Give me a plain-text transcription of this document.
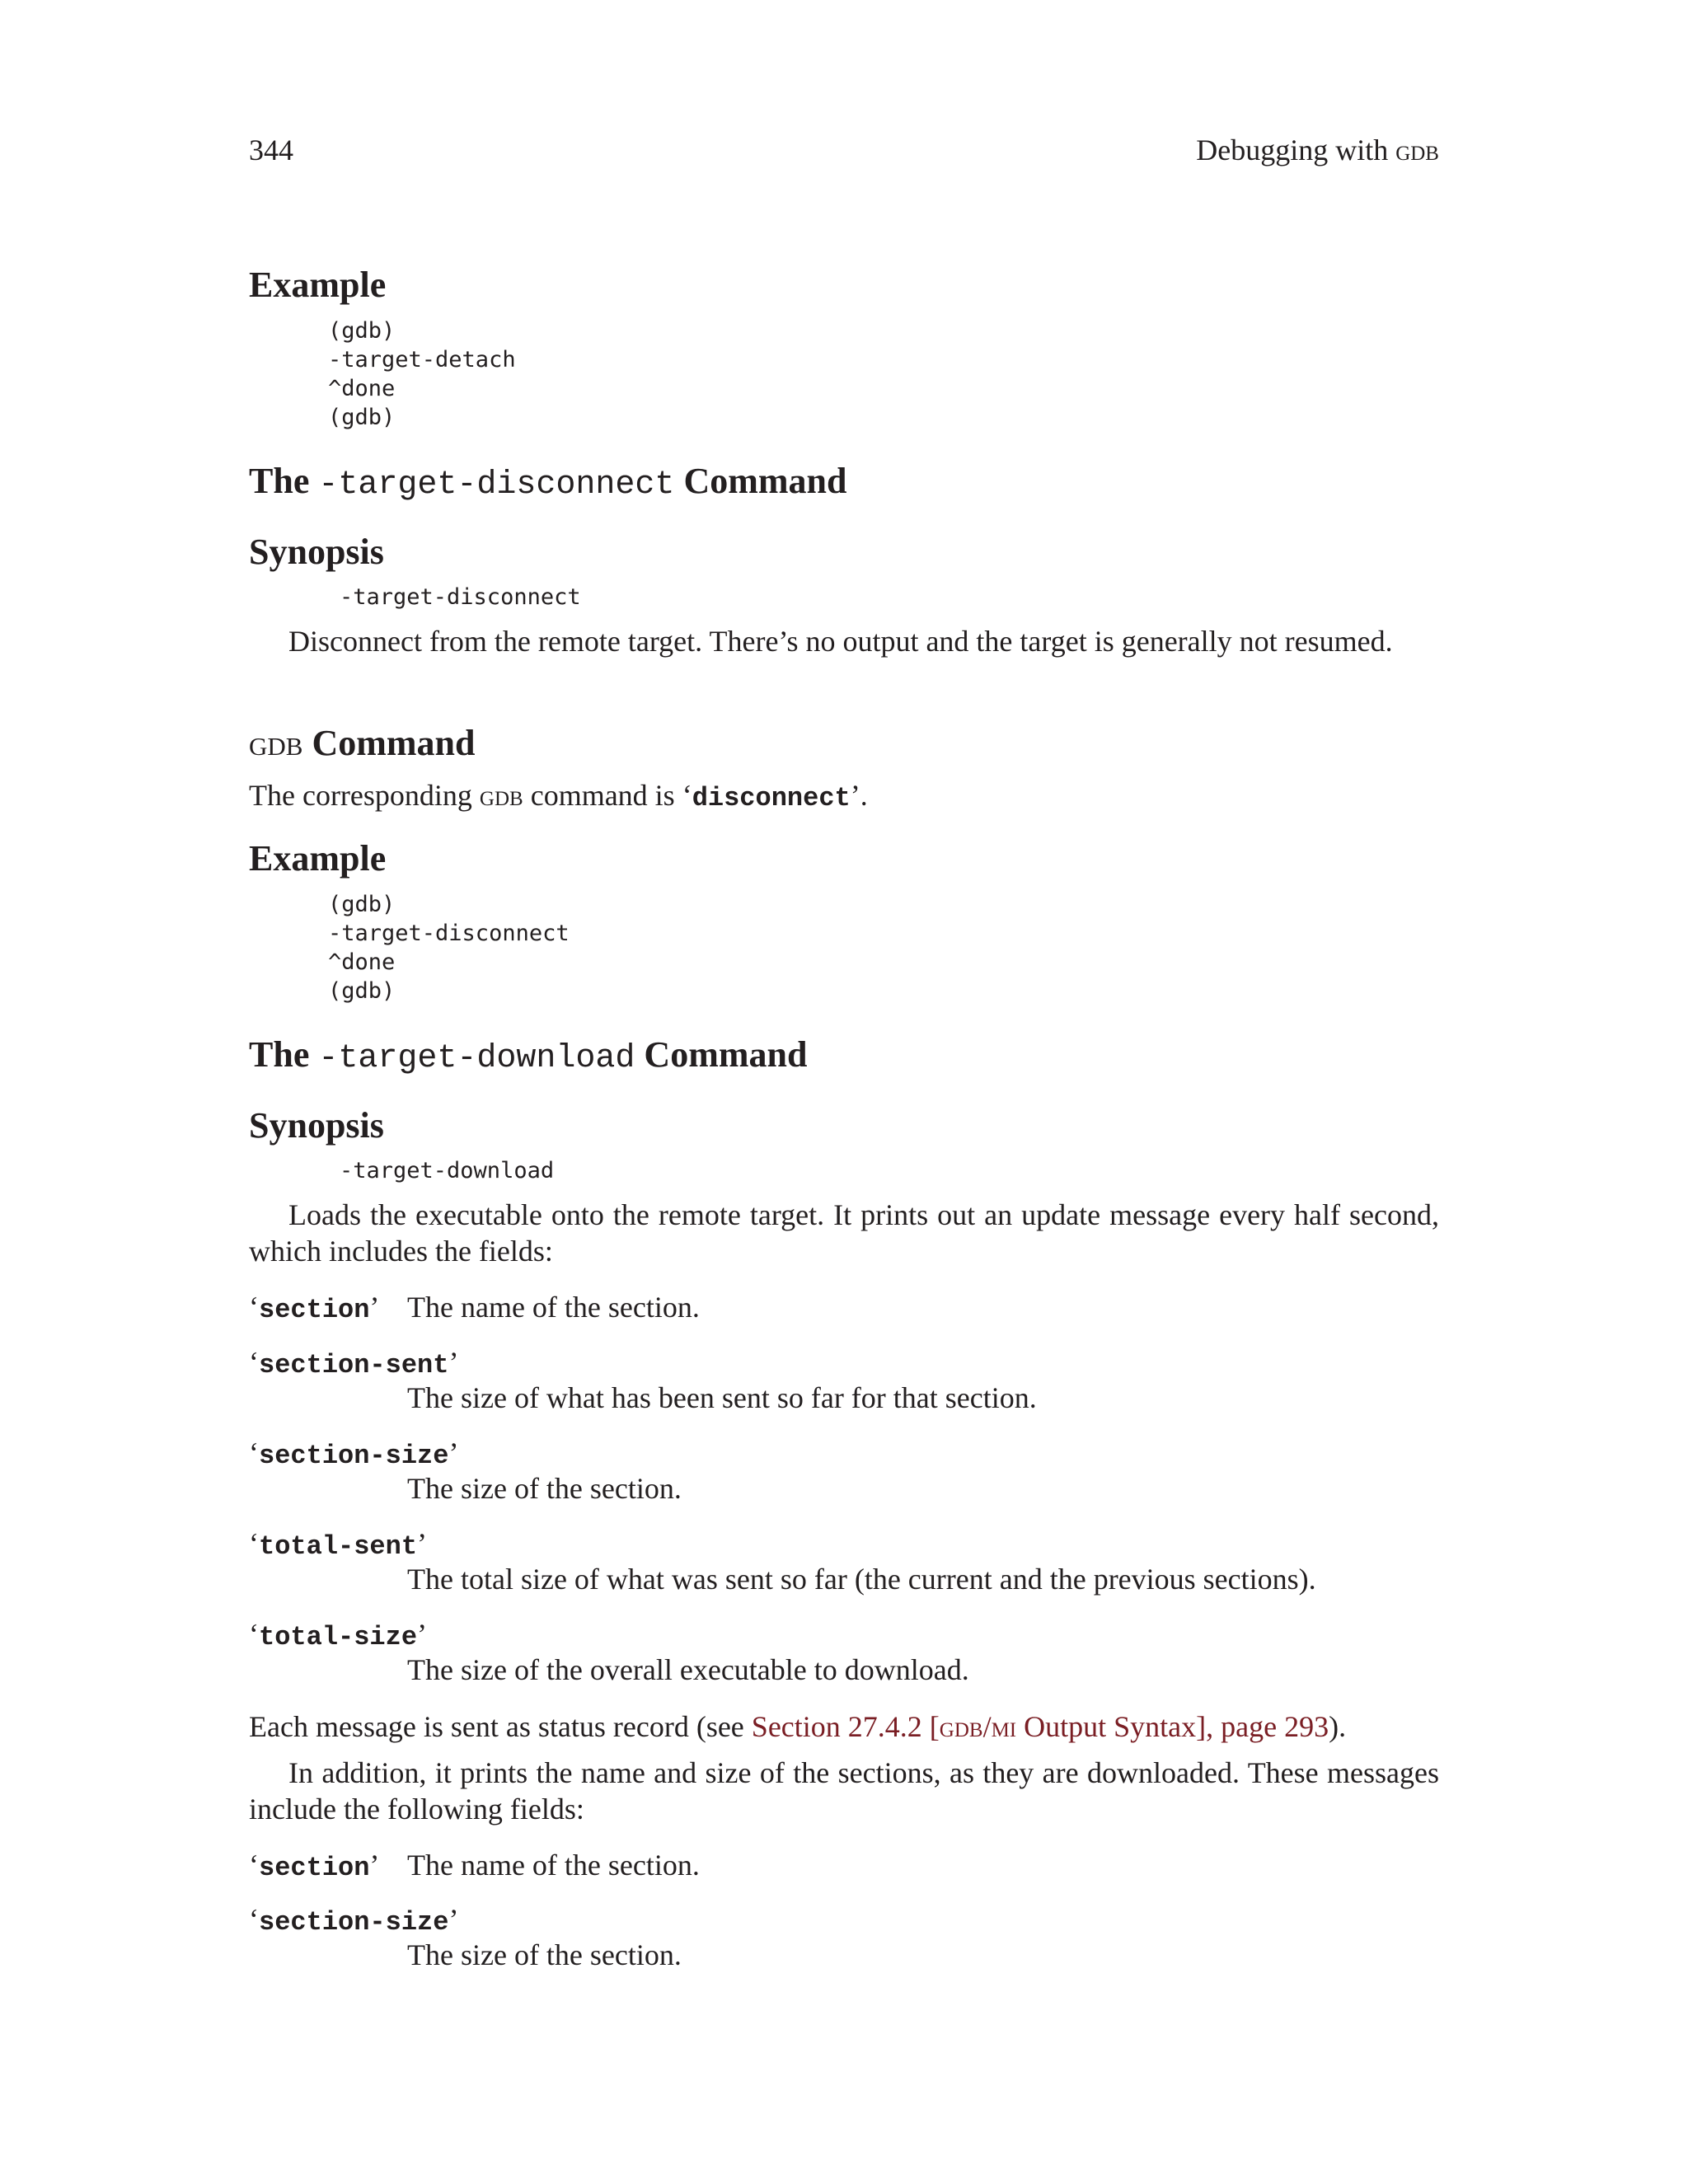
344	Debugging with gdb
Example
(gdb)
-target-detach
^done
(gdb)
The -target-disconnect Command
Synopsis
-target-disconnect
Disconnect from the remote target. There’s no output and the target is generally not resumed.
gdb Command
The corresponding gdb command is ‘disconnect’.
Example
(gdb)
-target-disconnect
^done
(gdb)
The -target-download Command
Synopsis
-target-download
Loads the executable onto the remote target. It prints out an update message every half second, which includes the fields:
‘section’ The name of the section.
‘section-sent’
The size of what has been sent so far for that section.
‘section-size’
The size of the section.
‘total-sent’
The total size of what was sent so far (the current and the previous sections).
‘total-size’
The size of the overall executable to download.
Each message is sent as status record (see Section 27.4.2 [gdb/mi Output Syntax], page 293).
In addition, it prints the name and size of the sections, as they are downloaded. These messages include the following fields:
‘section’ The name of the section.
‘section-size’
The size of the section.
